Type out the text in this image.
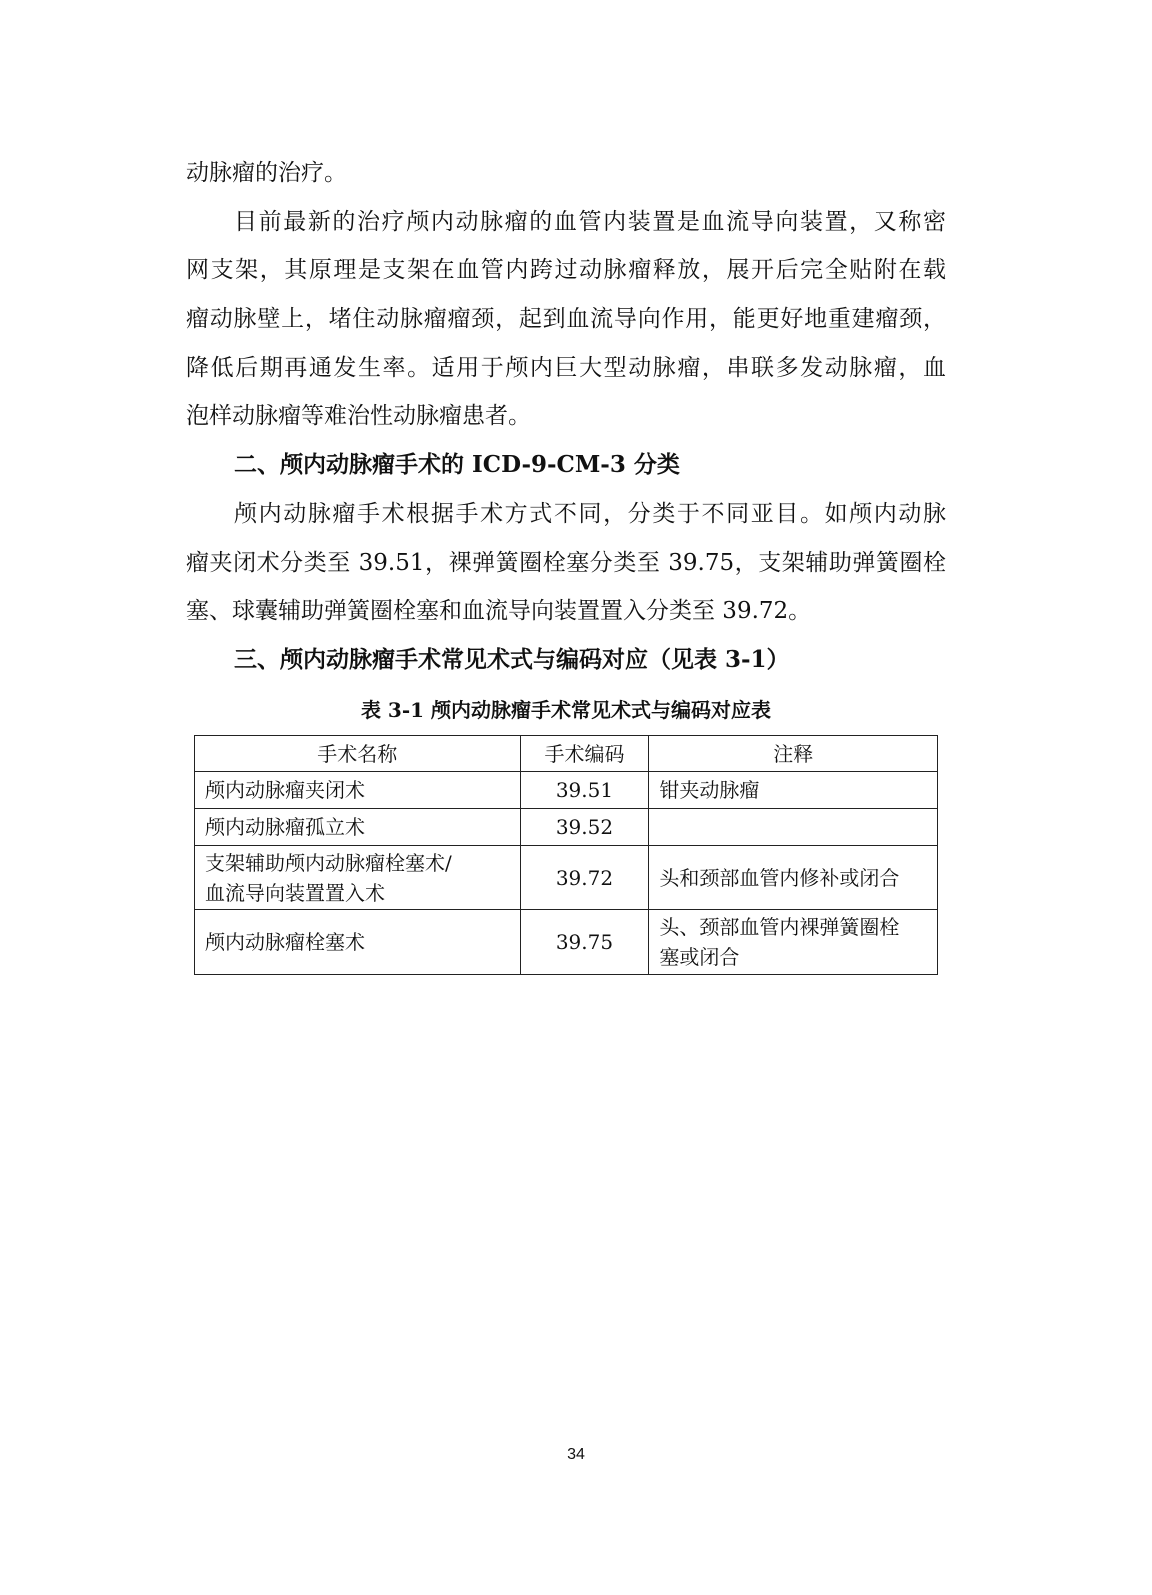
动脉瘤的治疗。
目前最新的治疗颅内动脉瘤的血管内装置是血流导向装置，又称密
网支架，其原理是支架在血管内跨过动脉瘤释放，展开后完全贴附在载
瘤动脉壁上，堵住动脉瘤瘤颈，起到血流导向作用，能更好地重建瘤颈，
降低后期再通发生率。适用于颅内巨大型动脉瘤，串联多发动脉瘤，血
泡样动脉瘤等难治性动脉瘤患者。
二、颅内动脉瘤手术的 ICD-9-CM-3 分类
颅内动脉瘤手术根据手术方式不同，分类于不同亚目。如颅内动脉
瘤夹闭术分类至 39.51，裸弹簧圈栓塞分类至 39.75，支架辅助弹簧圈栓
塞、球囊辅助弹簧圈栓塞和血流导向装置置入分类至 39.72。
三、颅内动脉瘤手术常见术式与编码对应（见表 3-1）
表 3-1 颅内动脉瘤手术常见术式与编码对应表
手术名称	手术编码	注释

颅内动脉瘤夹闭术	39.51	钳夹动脉瘤

颅内动脉瘤孤立术	39.52	

支架辅助颅内动脉瘤栓塞术/
血流导向装置置入术	39.72	头和颈部血管内修补或闭合

颅内动脉瘤栓塞术	39.75	头、颈部血管内裸弹簧圈栓
塞或闭合
34
